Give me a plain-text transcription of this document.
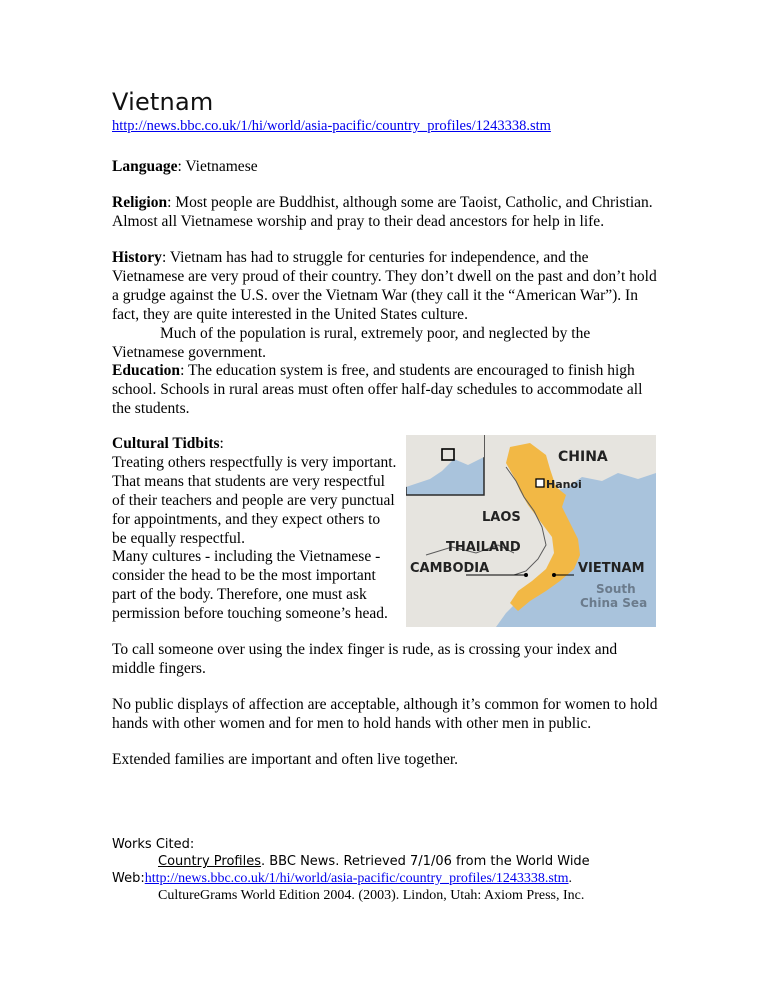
Vietnam
http://news.bbc.co.uk/1/hi/world/asia-pacific/country_profiles/1243338.stm
Language: Vietnamese
Religion: Most people are Buddhist, although some are Taoist, Catholic, and Christian. Almost all Vietnamese worship and pray to their dead ancestors for help in life.
History: Vietnam has had to struggle for centuries for independence, and the Vietnamese are very proud of their country. They don’t dwell on the past and don’t hold a grudge against the U.S. over the Vietnam War (they call it the “American War”). In fact, they are quite interested in the United States culture.
Much of the population is rural, extremely poor, and neglected by the Vietnamese government.
Education: The education system is free, and students are encouraged to finish high school. Schools in rural areas must often offer half-day schedules to accommodate all the students.
Cultural Tidbits:
Treating others respectfully is very important. That means that students are very respectful of their teachers and people are very punctual for appointments, and they expect others to be equally respectful.
Many cultures - including the Vietnamese - consider the head to be the most important part of the body. Therefore, one must ask permission before touching someone’s head.
CHINA
Hanoi
LAOS
THAILAND
CAMBODIA	VIETNAM
South
China Sea
To call someone over using the index finger is rude, as is crossing your index and middle fingers.
No public displays of affection are acceptable, although it’s common for women to hold hands with other women and for men to hold hands with other men in public.
Extended families are important and often live together.
Works Cited:
Country Profiles. BBC News. Retrieved 7/1/06 from the World Wide
Web:http://news.bbc.co.uk/1/hi/world/asia-pacific/country_profiles/1243338.stm.
CultureGrams World Edition 2004. (2003). Lindon, Utah: Axiom Press, Inc.
